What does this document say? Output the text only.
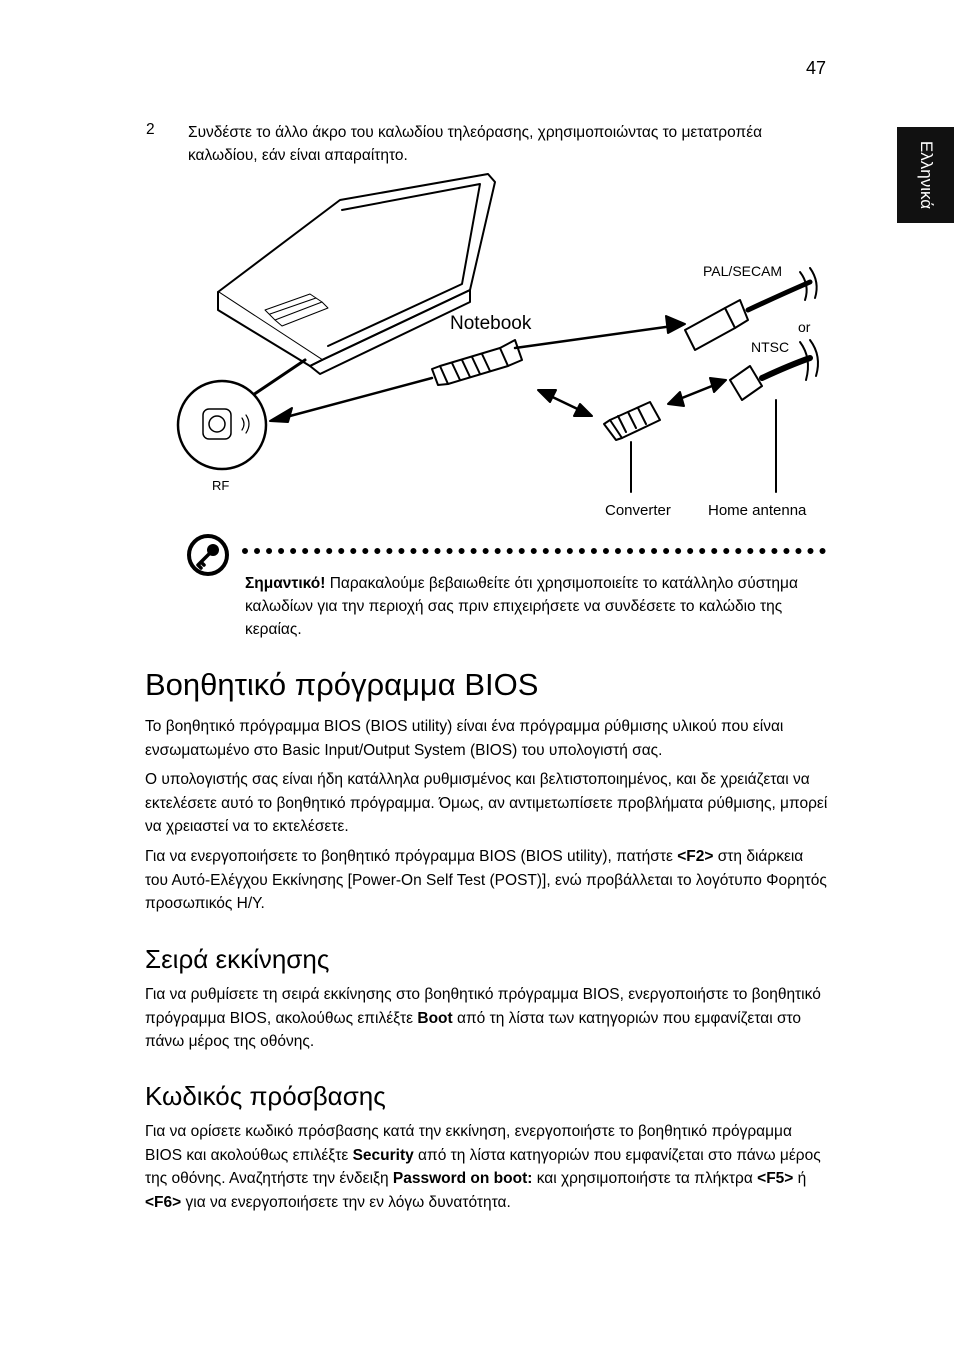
47
Ελληνικά
2 Συνδέστε το άλλο άκρο του καλωδίου τηλεόρασης, χρησιμοποιώντας το μετατροπέα καλωδίου, εάν είναι απαραίτητο.
Notebook
PAL/SECAM
or
NTSC
RF
Converter Home antenna
Σημαντικό! Παρακαλούμε βεβαιωθείτε ότι χρησιμοποιείτε το κατάλληλο σύστημα καλωδίων για την περιοχή σας πριν επιχειρήσετε να συνδέσετε το καλώδιο της κεραίας.
Βοηθητικό πρόγραμμα BIOS
Το βοηθητικό πρόγραμμα BIOS (BIOS utility) είναι ένα πρόγραμμα ρύθμισης υλικού που είναι ενσωματωμένο στο Basic Input/Output System (BIOS) του υπολογιστή σας.
Ο υπολογιστής σας είναι ήδη κατάλληλα ρυθμισμένος και βελτιστοποιημένος, και δε χρειάζεται να εκτελέσετε αυτό το βοηθητικό πρόγραμμα. Όμως, αν αντιμετωπίσετε προβλήματα ρύθμισης, μπορεί να χρειαστεί να το εκτελέσετε.
Για να ενεργοποιήσετε το βοηθητικό πρόγραμμα BIOS (BIOS utility), πατήστε <F2> στη διάρκεια του Αυτό-Ελέγχου Εκκίνησης [Power-On Self Test (POST)], ενώ προβάλλεται το λογότυπο Φορητός προσωπικός Η/Υ.
Σειρά εκκίνησης
Για να ρυθμίσετε τη σειρά εκκίνησης στο βοηθητικό πρόγραμμα BIOS, ενεργοποιήστε το βοηθητικό πρόγραμμα BIOS, ακολούθως επιλέξτε Boot από τη λίστα των κατηγοριών που εμφανίζεται στο πάνω μέρος της οθόνης.
Κωδικός πρόσβασης
Για να ορίσετε κωδικό πρόσβασης κατά την εκκίνηση, ενεργοποιήστε το βοηθητικό πρόγραμμα BIOS και ακολούθως επιλέξτε Security από τη λίστα κατηγοριών που εμφανίζεται στο πάνω μέρος της οθόνης. Αναζητήστε την ένδειξη Password on boot: και χρησιμοποιήστε τα πλήκτρα <F5> ή <F6> για να ενεργοποιήσετε την εν λόγω δυνατότητα.
